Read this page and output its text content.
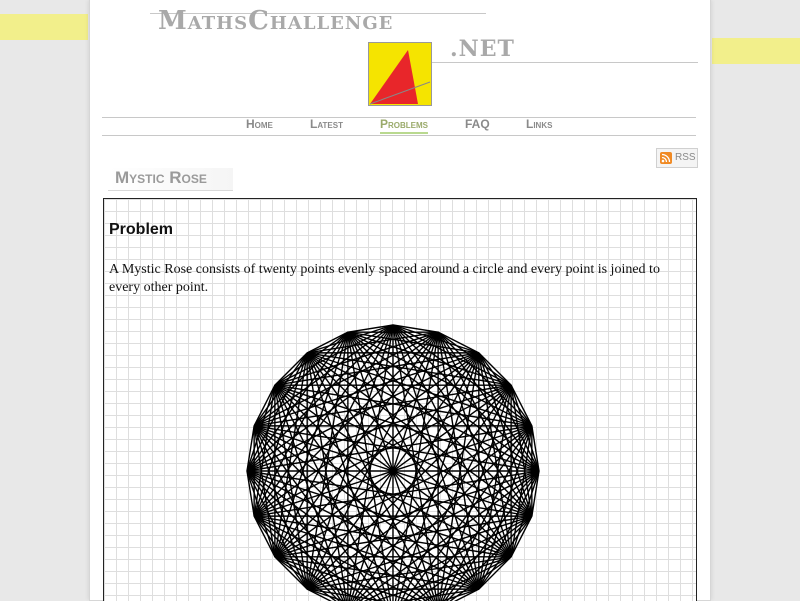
MathsChallenge
.NET
Home	Latest	Problems	FAQ	Links
RSS
Mystic Rose
Problem

A Mystic Rose consists of twenty points evenly spaced around a circle and every point is joined to every other point.
